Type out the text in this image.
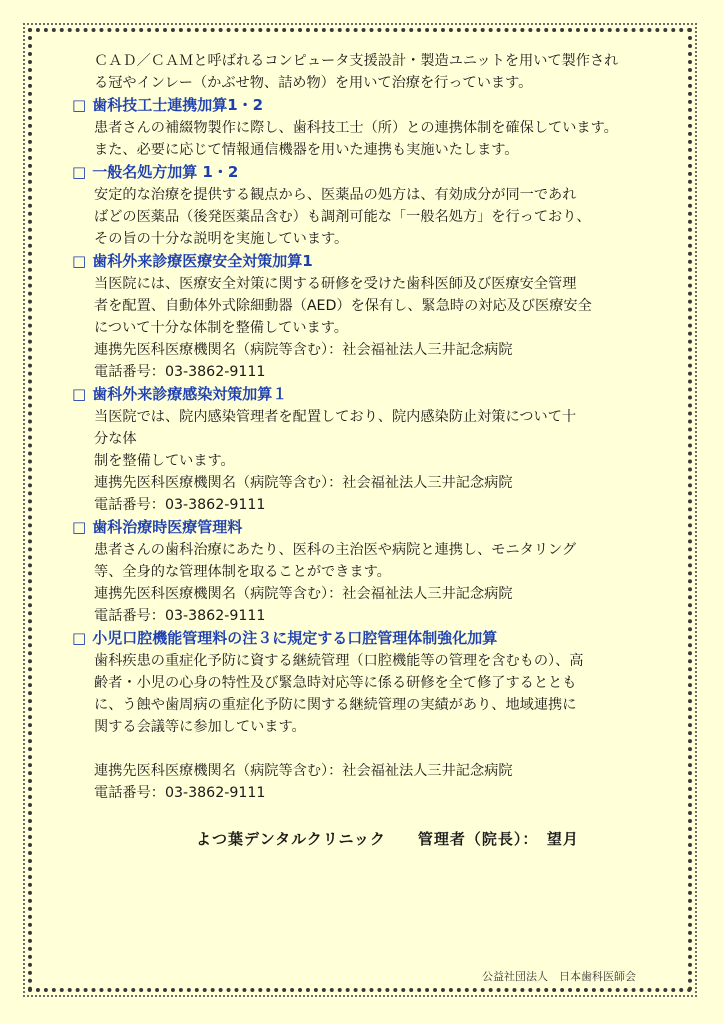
ＣＡＤ／ＣＡＭと呼ばれるコンピュータ支援設計・製造ユニットを用いて製作され

る冠やインレー（かぶせ物、詰め物）を用いて治療を行っています。

□ 歯科技工士連携加算1・2

患者さんの補綴物製作に際し、歯科技工士（所）との連携体制を確保しています。

また、必要に応じて情報通信機器を用いた連携も実施いたします。

□ 一般名処方加算 1・2

安定的な治療を提供する観点から、医薬品の処方は、有効成分が同一であれ

ばどの医薬品（後発医薬品含む）も調剤可能な「一般名処方」を行っており、

その旨の十分な説明を実施しています。

□ 歯科外来診療医療安全対策加算1

当医院には、医療安全対策に関する研修を受けた歯科医師及び医療安全管理

者を配置、自動体外式除細動器（AED）を保有し、緊急時の対応及び医療安全

について十分な体制を整備しています。

連携先医科医療機関名（病院等含む）：社会福祉法人三井記念病院

電話番号：03-3862-9111

□ 歯科外来診療感染対策加算１

当医院では、院内感染管理者を配置しており、院内感染防止対策について十

分な体

制を整備しています。

連携先医科医療機関名（病院等含む）：社会福祉法人三井記念病院

電話番号：03-3862-9111

□ 歯科治療時医療管理料

患者さんの歯科治療にあたり、医科の主治医や病院と連携し、モニタリング

等、全身的な管理体制を取ることができます。

連携先医科医療機関名（病院等含む）：社会福祉法人三井記念病院

電話番号：03-3862-9111

□ 小児口腔機能管理料の注３に規定する口腔管理体制強化加算

歯科疾患の重症化予防に資する継続管理（口腔機能等の管理を含むもの）、高

齢者・小児の心身の特性及び緊急時対応等に係る研修を全て修了するととも

に、う蝕や歯周病の重症化予防に関する継続管理の実績があり、地域連携に

関する会議等に参加しています。

連携先医科医療機関名（病院等含む）：社会福祉法人三井記念病院

電話番号：03-3862-9111

よつ葉デンタルクリニック　　管理者（院長）：　望月
公益社団法人　日本歯科医師会
